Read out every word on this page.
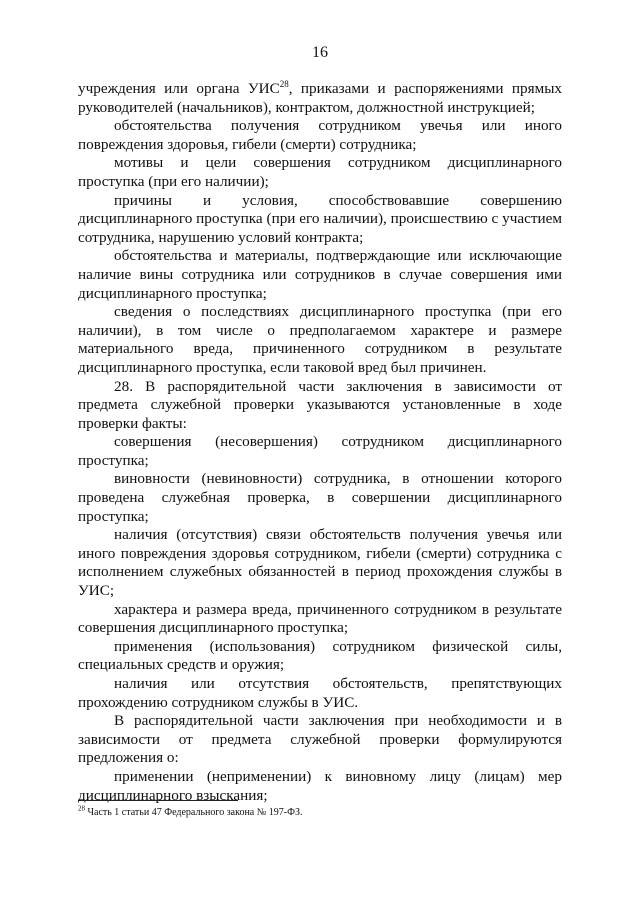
16

учреждения или органа УИС$^{28}$, приказами и распоряжениями прямых руководителей (начальников), контрактом, должностной инструкцией;

обстоятельства получения сотрудником увечья или иного повреждения здоровья, гибели (смерти) сотрудника;

мотивы и цели совершения сотрудником дисциплинарного проступка (при его наличии);

причины и условия, способствовавшие совершению дисциплинарного проступка (при его наличии), происшествию с участием сотрудника, нарушению условий контракта;

обстоятельства и материалы, подтверждающие или исключающие наличие вины сотрудника или сотрудников в случае совершения ими дисциплинарного проступка;

сведения о последствиях дисциплинарного проступка (при его наличии), в том числе о предполагаемом характере и размере материального вреда, причиненного сотрудником в результате дисциплинарного проступка, если таковой вред был причинен.

28. В распорядительной части заключения в зависимости от предмета служебной проверки указываются установленные в ходе проверки факты:

совершения (несовершения) сотрудником дисциплинарного проступка;

виновности (невиновности) сотрудника, в отношении которого проведена служебная проверка, в совершении дисциплинарного проступка;

наличия (отсутствия) связи обстоятельств получения увечья или иного повреждения здоровья сотрудником, гибели (смерти) сотрудника с исполнением служебных обязанностей в период прохождения службы в УИС;

характера и размера вреда, причиненного сотрудником в результате совершения дисциплинарного проступка;

применения (использования) сотрудником физической силы, специальных средств и оружия;

наличия или отсутствия обстоятельств, препятствующих прохождению сотрудником службы в УИС.

В распорядительной части заключения при необходимости и в зависимости от предмета служебной проверки формулируются предложения о:

применении (неприменении) к виновному лицу (лицам) мер дисциплинарного взыскания;

$^{28}$ Часть 1 статьи 47 Федерального закона № 197-ФЗ.
